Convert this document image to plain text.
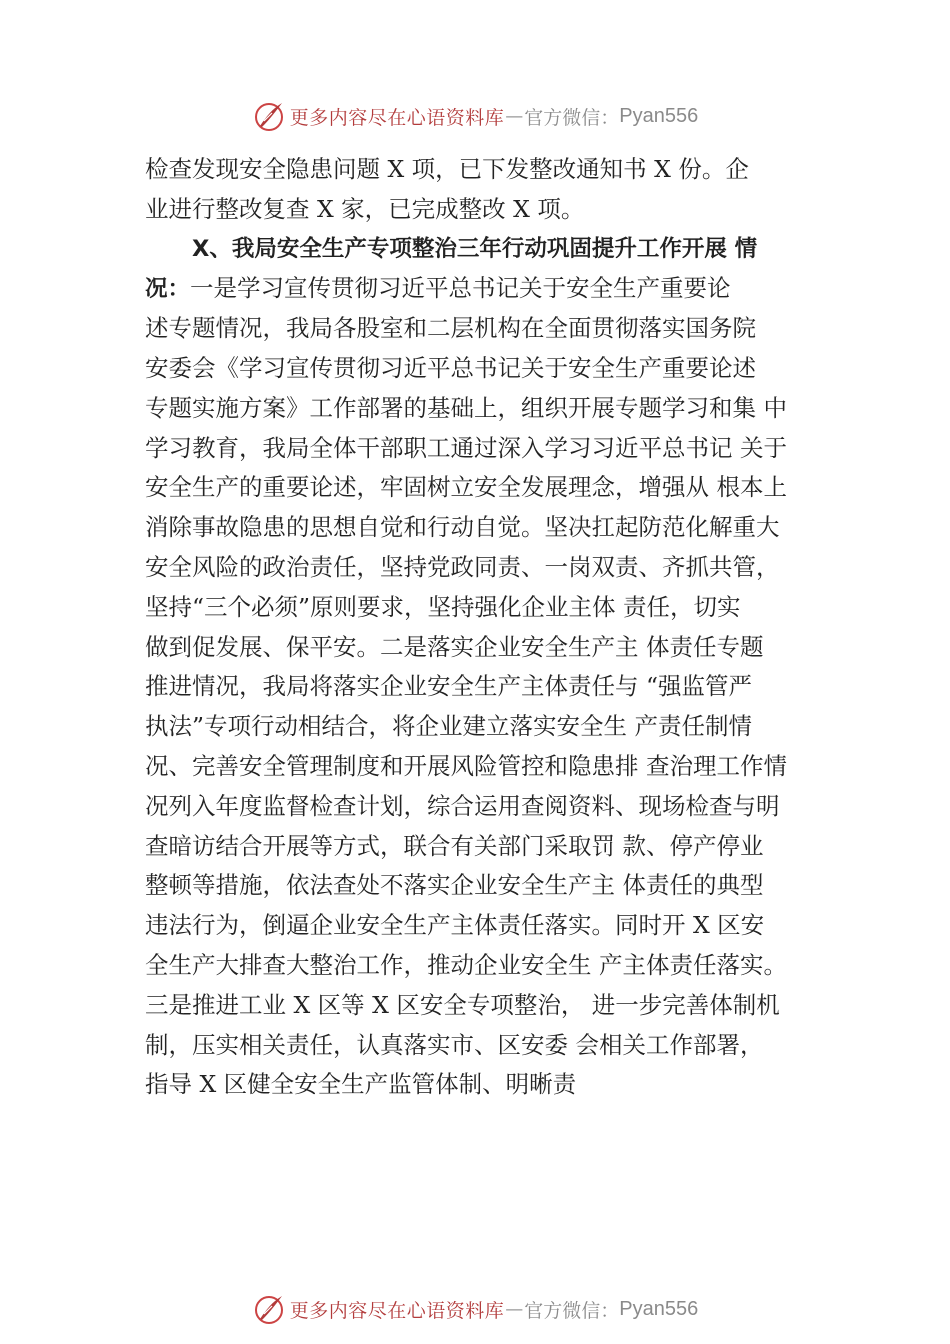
更多内容尽在心语资料库 — 官方微信： Pyan556
检查发现安全隐患问题 X 项，已下发整改通知书 X 份。企
业进行整改复查 X 家，已完成整改 X 项。
X、我局安全生产专项整治三年行动巩固提升工作开展 情
况：一是学习宣传贯彻习近平总书记关于安全生产重要论
述专题情况，我局各股室和二层机构在全面贯彻落实国务院
安委会《学习宣传贯彻习近平总书记关于安全生产重要论述
专题实施方案》工作部署的基础上，组织开展专题学习和集 中
学习教育，我局全体干部职工通过深入学习习近平总书记 关于
安全生产的重要论述，牢固树立安全发展理念，增强从 根本上
消除事故隐患的思想自觉和行动自觉。坚决扛起防范化解重大
安全风险的政治责任，坚持党政同责、一岗双责、齐抓共管，
坚持“三个必须”原则要求，坚持强化企业主体 责任，切实
做到促发展、保平安。二是落实企业安全生产主 体责任专题
推进情况，我局将落实企业安全生产主体责任与 “强监管严
执法”专项行动相结合，将企业建立落实安全生 产责任制情
况、完善安全管理制度和开展风险管控和隐患排 查治理工作情
况列入年度监督检查计划，综合运用查阅资料、现场检查与明
查暗访结合开展等方式，联合有关部门采取罚 款、停产停业
整顿等措施，依法查处不落实企业安全生产主 体责任的典型
违法行为，倒逼企业安全生产主体责任落实。同时开 X 区安
全生产大排查大整治工作，推动企业安全生 产主体责任落实。
三是推进工业 X 区等 X 区安全专项整治， 进一步完善体制机
制，压实相关责任，认真落实市、区安委 会相关工作部署，
指导 X 区健全安全生产监管体制、明晰责
更多内容尽在心语资料库 — 官方微信： Pyan556
